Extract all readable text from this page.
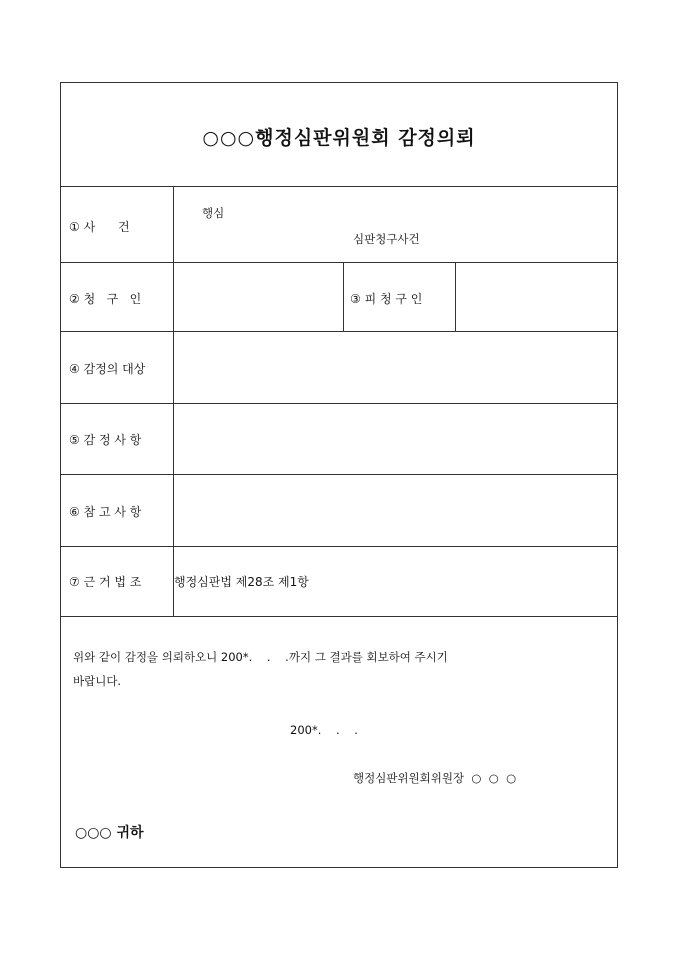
○○○행정심판위원회 감정의뢰
① 사      건
행심
심판청구사건
② 청   구   인	③ 피 청 구 인
④ 감정의 대상
⑤ 감 정 사 항
⑥ 참 고 사 항
⑦ 근 거 법 조	행정심판법 제28조 제1항
위와 같이 감정을 의뢰하오니 200*.    .    .까지 그 결과를 회보하여 주시기
바랍니다.
200*.    .    .
행정심판위원회위원장  ○  ○  ○
○○○ 귀하
